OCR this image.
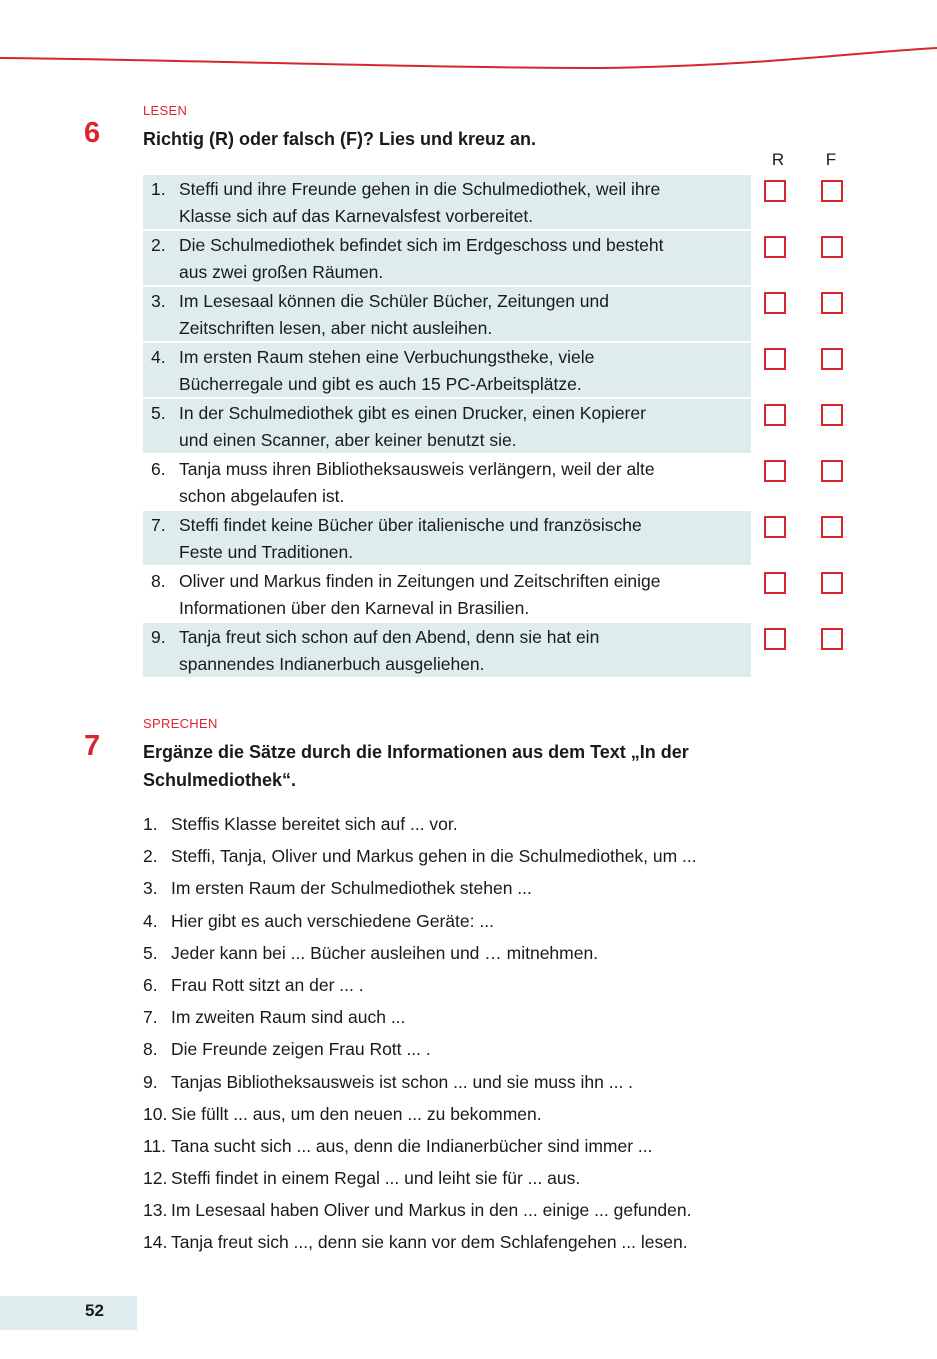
LESEN
6 Richtig (R) oder falsch (F)? Lies und kreuz an.
R	F
1. Steffi und ihre Freunde gehen in die Schulmediothek, weil ihre
Klasse sich auf das Karnevalsfest vorbereitet.
2. Die Schulmediothek befindet sich im Erdgeschoss und besteht
aus zwei großen Räumen.
3. Im Lesesaal können die Schüler Bücher, Zeitungen und
Zeitschriften lesen, aber nicht ausleihen.
4. Im ersten Raum stehen eine Verbuchungstheke, viele
Bücherregale und gibt es auch 15 PC-Arbeitsplätze.
5. In der Schulmediothek gibt es einen Drucker, einen Kopierer
und einen Scanner, aber keiner benutzt sie.
6. Tanja muss ihren Bibliotheksausweis verlängern, weil der alte
schon abgelaufen ist.
7. Steffi findet keine Bücher über italienische und französische
Feste und Traditionen.
8. Oliver und Markus finden in Zeitungen und Zeitschriften einige
Informationen über den Karneval in Brasilien.
9. Tanja freut sich schon auf den Abend, denn sie hat ein
spannendes Indianerbuch ausgeliehen.
SPRECHEN
7 Ergänze die Sätze durch die Informationen aus dem Text „In der
Schulmediothek“.
1. Steffis Klasse bereitet sich auf ... vor.
2. Steffi, Tanja, Oliver und Markus gehen in die Schulmediothek, um ...
3. Im ersten Raum der Schulmediothek stehen ...
4. Hier gibt es auch verschiedene Geräte: ...
5. Jeder kann bei ... Bücher ausleihen und … mitnehmen.
6. Frau Rott sitzt an der ... .
7. Im zweiten Raum sind auch ...
8. Die Freunde zeigen Frau Rott ... .
9. Tanjas Bibliotheksausweis ist schon ... und sie muss ihn ... .
10. Sie füllt ... aus, um den neuen ... zu bekommen.
11. Tana sucht sich ... aus, denn die Indianerbücher sind immer ...
12. Steffi findet in einem Regal ... und leiht sie für ... aus.
13. Im Lesesaal haben Oliver und Markus in den ... einige ... gefunden.
14. Tanja freut sich ..., denn sie kann vor dem Schlafengehen ... lesen.
52
